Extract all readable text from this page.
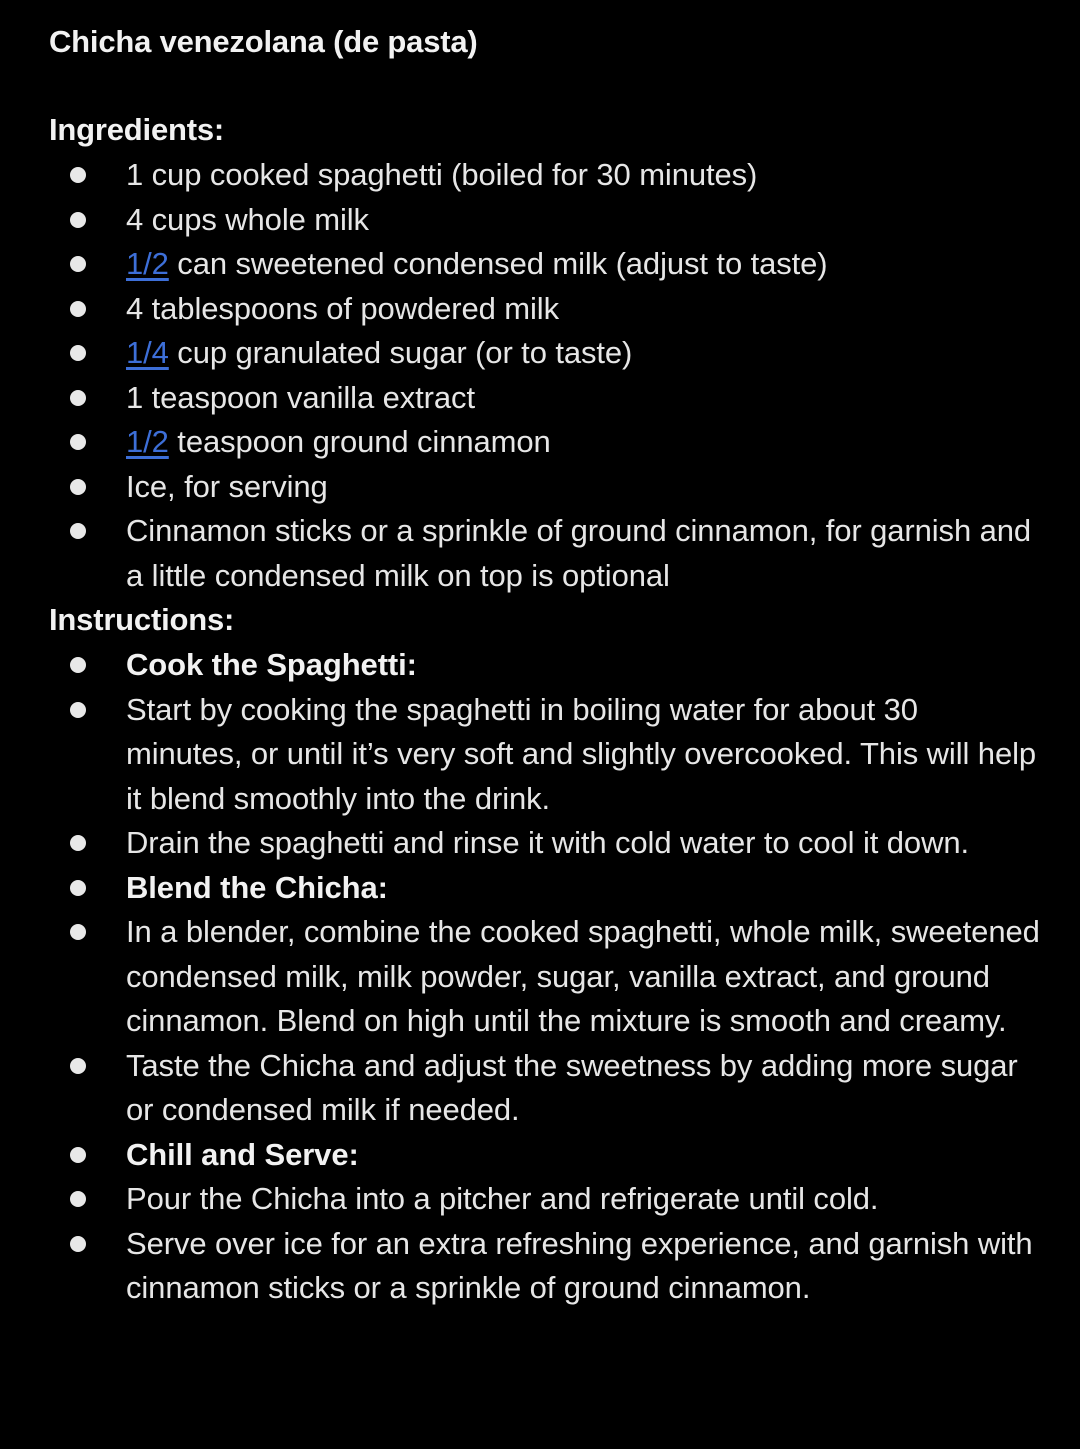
Chicha venezolana (de pasta)
Ingredients:
1 cup cooked spaghetti (boiled for 30 minutes)
4 cups whole milk
1/2 can sweetened condensed milk (adjust to taste)
4 tablespoons of powdered milk
1/4 cup granulated sugar (or to taste)
1 teaspoon vanilla extract
1/2 teaspoon ground cinnamon
Ice, for serving
Cinnamon sticks or a sprinkle of ground cinnamon, for garnish and a little condensed milk on top is optional
Instructions:
Cook the Spaghetti:
Start by cooking the spaghetti in boiling water for about 30 minutes, or until it’s very soft and slightly overcooked. This will help it blend smoothly into the drink.
Drain the spaghetti and rinse it with cold water to cool it down.
Blend the Chicha:
In a blender, combine the cooked spaghetti, whole milk, sweetened condensed milk, milk powder, sugar, vanilla extract, and ground cinnamon. Blend on high until the mixture is smooth and creamy.
Taste the Chicha and adjust the sweetness by adding more sugar or condensed milk if needed.
Chill and Serve:
Pour the Chicha into a pitcher and refrigerate until cold.
Serve over ice for an extra refreshing experience, and garnish with cinnamon sticks or a sprinkle of ground cinnamon.
